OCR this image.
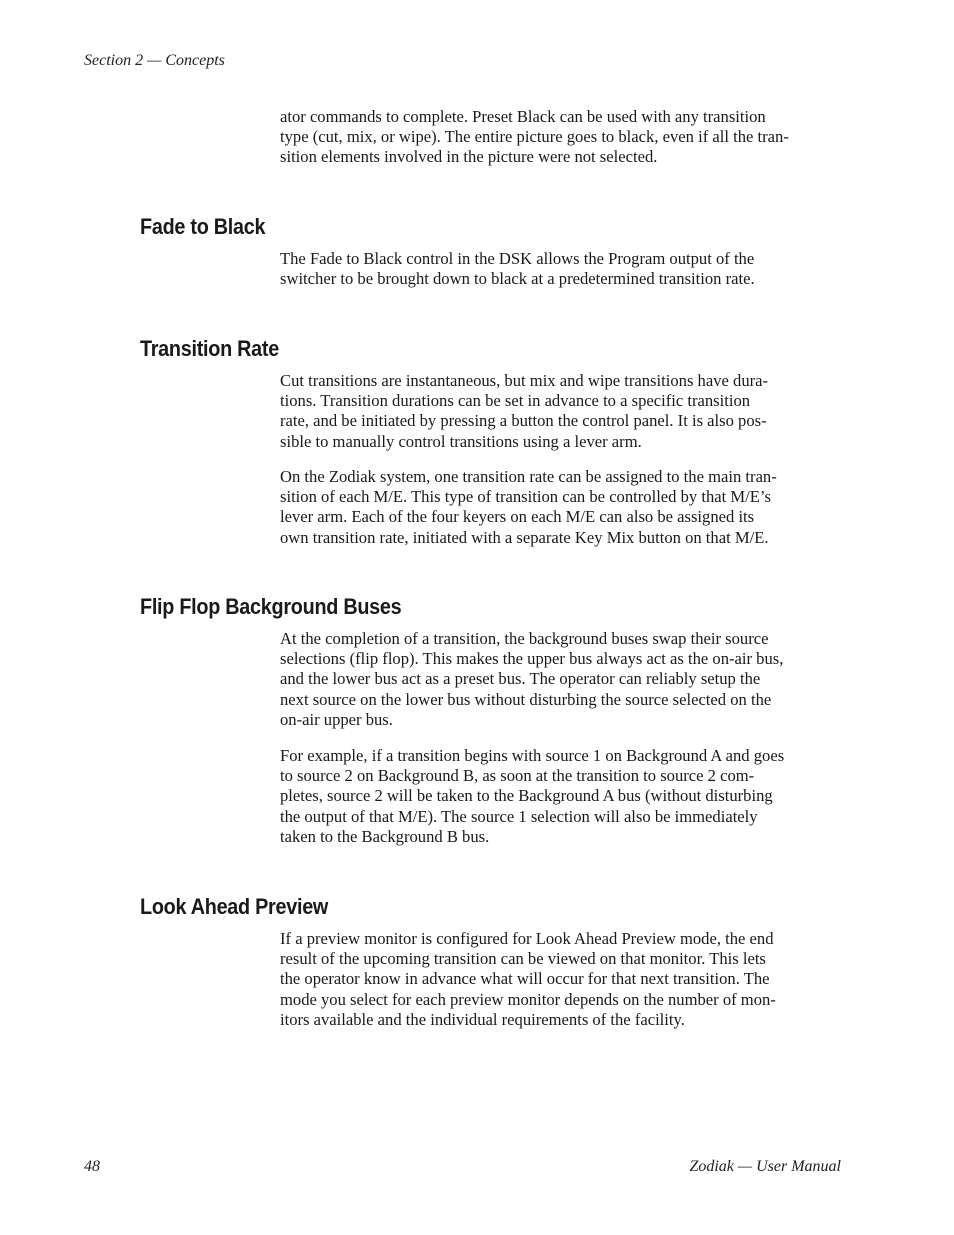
Section 2 — Concepts

ator commands to complete. Preset Black can be used with any transition
type (cut, mix, or wipe). The entire picture goes to black, even if all the tran-
sition elements involved in the picture were not selected.

Fade to Black

The Fade to Black control in the DSK allows the Program output of the
switcher to be brought down to black at a predetermined transition rate.

Transition Rate

Cut transitions are instantaneous, but mix and wipe transitions have dura-
tions. Transition durations can be set in advance to a specific transition
rate, and be initiated by pressing a button the control panel. It is also pos-
sible to manually control transitions using a lever arm.

On the Zodiak system, one transition rate can be assigned to the main tran-
sition of each M/E. This type of transition can be controlled by that M/E’s
lever arm. Each of the four keyers on each M/E can also be assigned its
own transition rate, initiated with a separate Key Mix button on that M/E.

Flip Flop Background Buses

At the completion of a transition, the background buses swap their source
selections (flip flop). This makes the upper bus always act as the on-air bus,
and the lower bus act as a preset bus. The operator can reliably setup the
next source on the lower bus without disturbing the source selected on the
on-air upper bus.

For example, if a transition begins with source 1 on Background A and goes
to source 2 on Background B, as soon at the transition to source 2 com-
pletes, source 2 will be taken to the Background A bus (without disturbing
the output of that M/E). The source 1 selection will also be immediately
taken to the Background B bus.

Look Ahead Preview

If a preview monitor is configured for Look Ahead Preview mode, the end
result of the upcoming transition can be viewed on that monitor. This lets
the operator know in advance what will occur for that next transition. The
mode you select for each preview monitor depends on the number of mon-
itors available and the individual requirements of the facility.

48	Zodiak — User Manual
